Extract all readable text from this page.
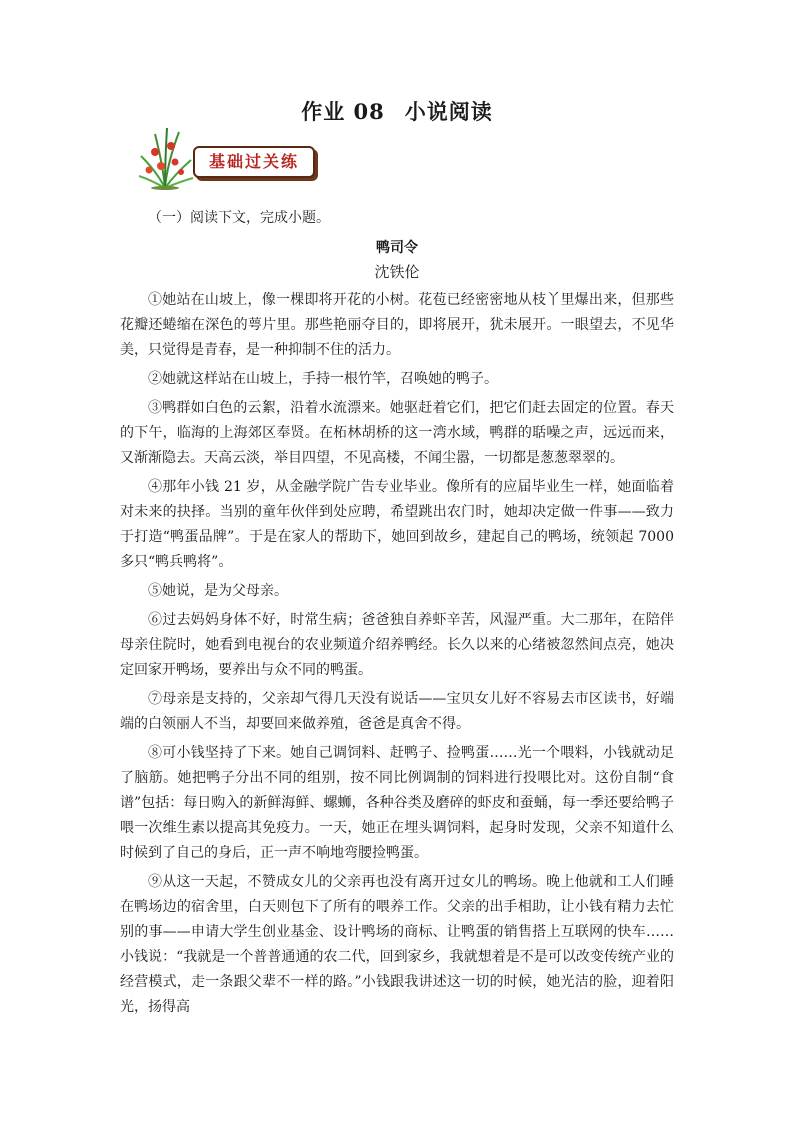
作业 08 小说阅读
基础过关练
（一）阅读下文，完成小题。
鸭司令
沈铁伦

①她站在山坡上，像一棵即将开花的小树。花苞已经密密地从枝丫里爆出来，但那些花瓣还蜷缩在深色的萼片里。那些艳丽夺目的，即将展开，犹未展开。一眼望去，不见华美，只觉得是青春，是一种抑制不住的活力。

②她就这样站在山坡上，手持一根竹竿，召唤她的鸭子。

③鸭群如白色的云絮，沿着水流漂来。她驱赶着它们，把它们赶去固定的位置。春天的下午，临海的上海郊区奉贤。在柘林胡桥的这一湾水域，鸭群的聒噪之声，远远而来，又渐渐隐去。天高云淡，举目四望，不见高楼，不闻尘嚣，一切都是葱葱翠翠的。

④那年小钱 21 岁，从金融学院广告专业毕业。像所有的应届毕业生一样，她面临着对未来的抉择。当别的童年伙伴到处应聘，希望跳出农门时，她却决定做一件事——致力于打造“鸭蛋品牌”。于是在家人的帮助下，她回到故乡，建起自己的鸭场，统领起 7000 多只“鸭兵鸭将”。

⑤她说，是为父母亲。

⑥过去妈妈身体不好，时常生病；爸爸独自养虾辛苦，风湿严重。大二那年，在陪伴母亲住院时，她看到电视台的农业频道介绍养鸭经。长久以来的心绪被忽然间点亮，她决定回家开鸭场，要养出与众不同的鸭蛋。

⑦母亲是支持的，父亲却气得几天没有说话——宝贝女儿好不容易去市区读书，好端端的白领丽人不当，却要回来做养殖，爸爸是真舍不得。

⑧可小钱坚持了下来。她自己调饲料、赶鸭子、捡鸭蛋……光一个喂料，小钱就动足了脑筋。她把鸭子分出不同的组别，按不同比例调制的饲料进行投喂比对。这份自制“食谱”包括：每日购入的新鲜海鲜、螺蛳，各种谷类及磨碎的虾皮和蚕蛹，每一季还要给鸭子喂一次维生素以提高其免疫力。一天，她正在埋头调饲料，起身时发现，父亲不知道什么时候到了自己的身后，正一声不响地弯腰捡鸭蛋。

⑨从这一天起，不赞成女儿的父亲再也没有离开过女儿的鸭场。晚上他就和工人们睡在鸭场边的宿舍里，白天则包下了所有的喂养工作。父亲的出手相助，让小钱有精力去忙别的事——申请大学生创业基金、设计鸭场的商标、让鸭蛋的销售搭上互联网的快车……小钱说：“我就是一个普普通通的农二代，回到家乡，我就想着是不是可以改变传统产业的经营模式，走一条跟父辈不一样的路。”小钱跟我讲述这一切的时候，她光洁的脸，迎着阳光，扬得高
